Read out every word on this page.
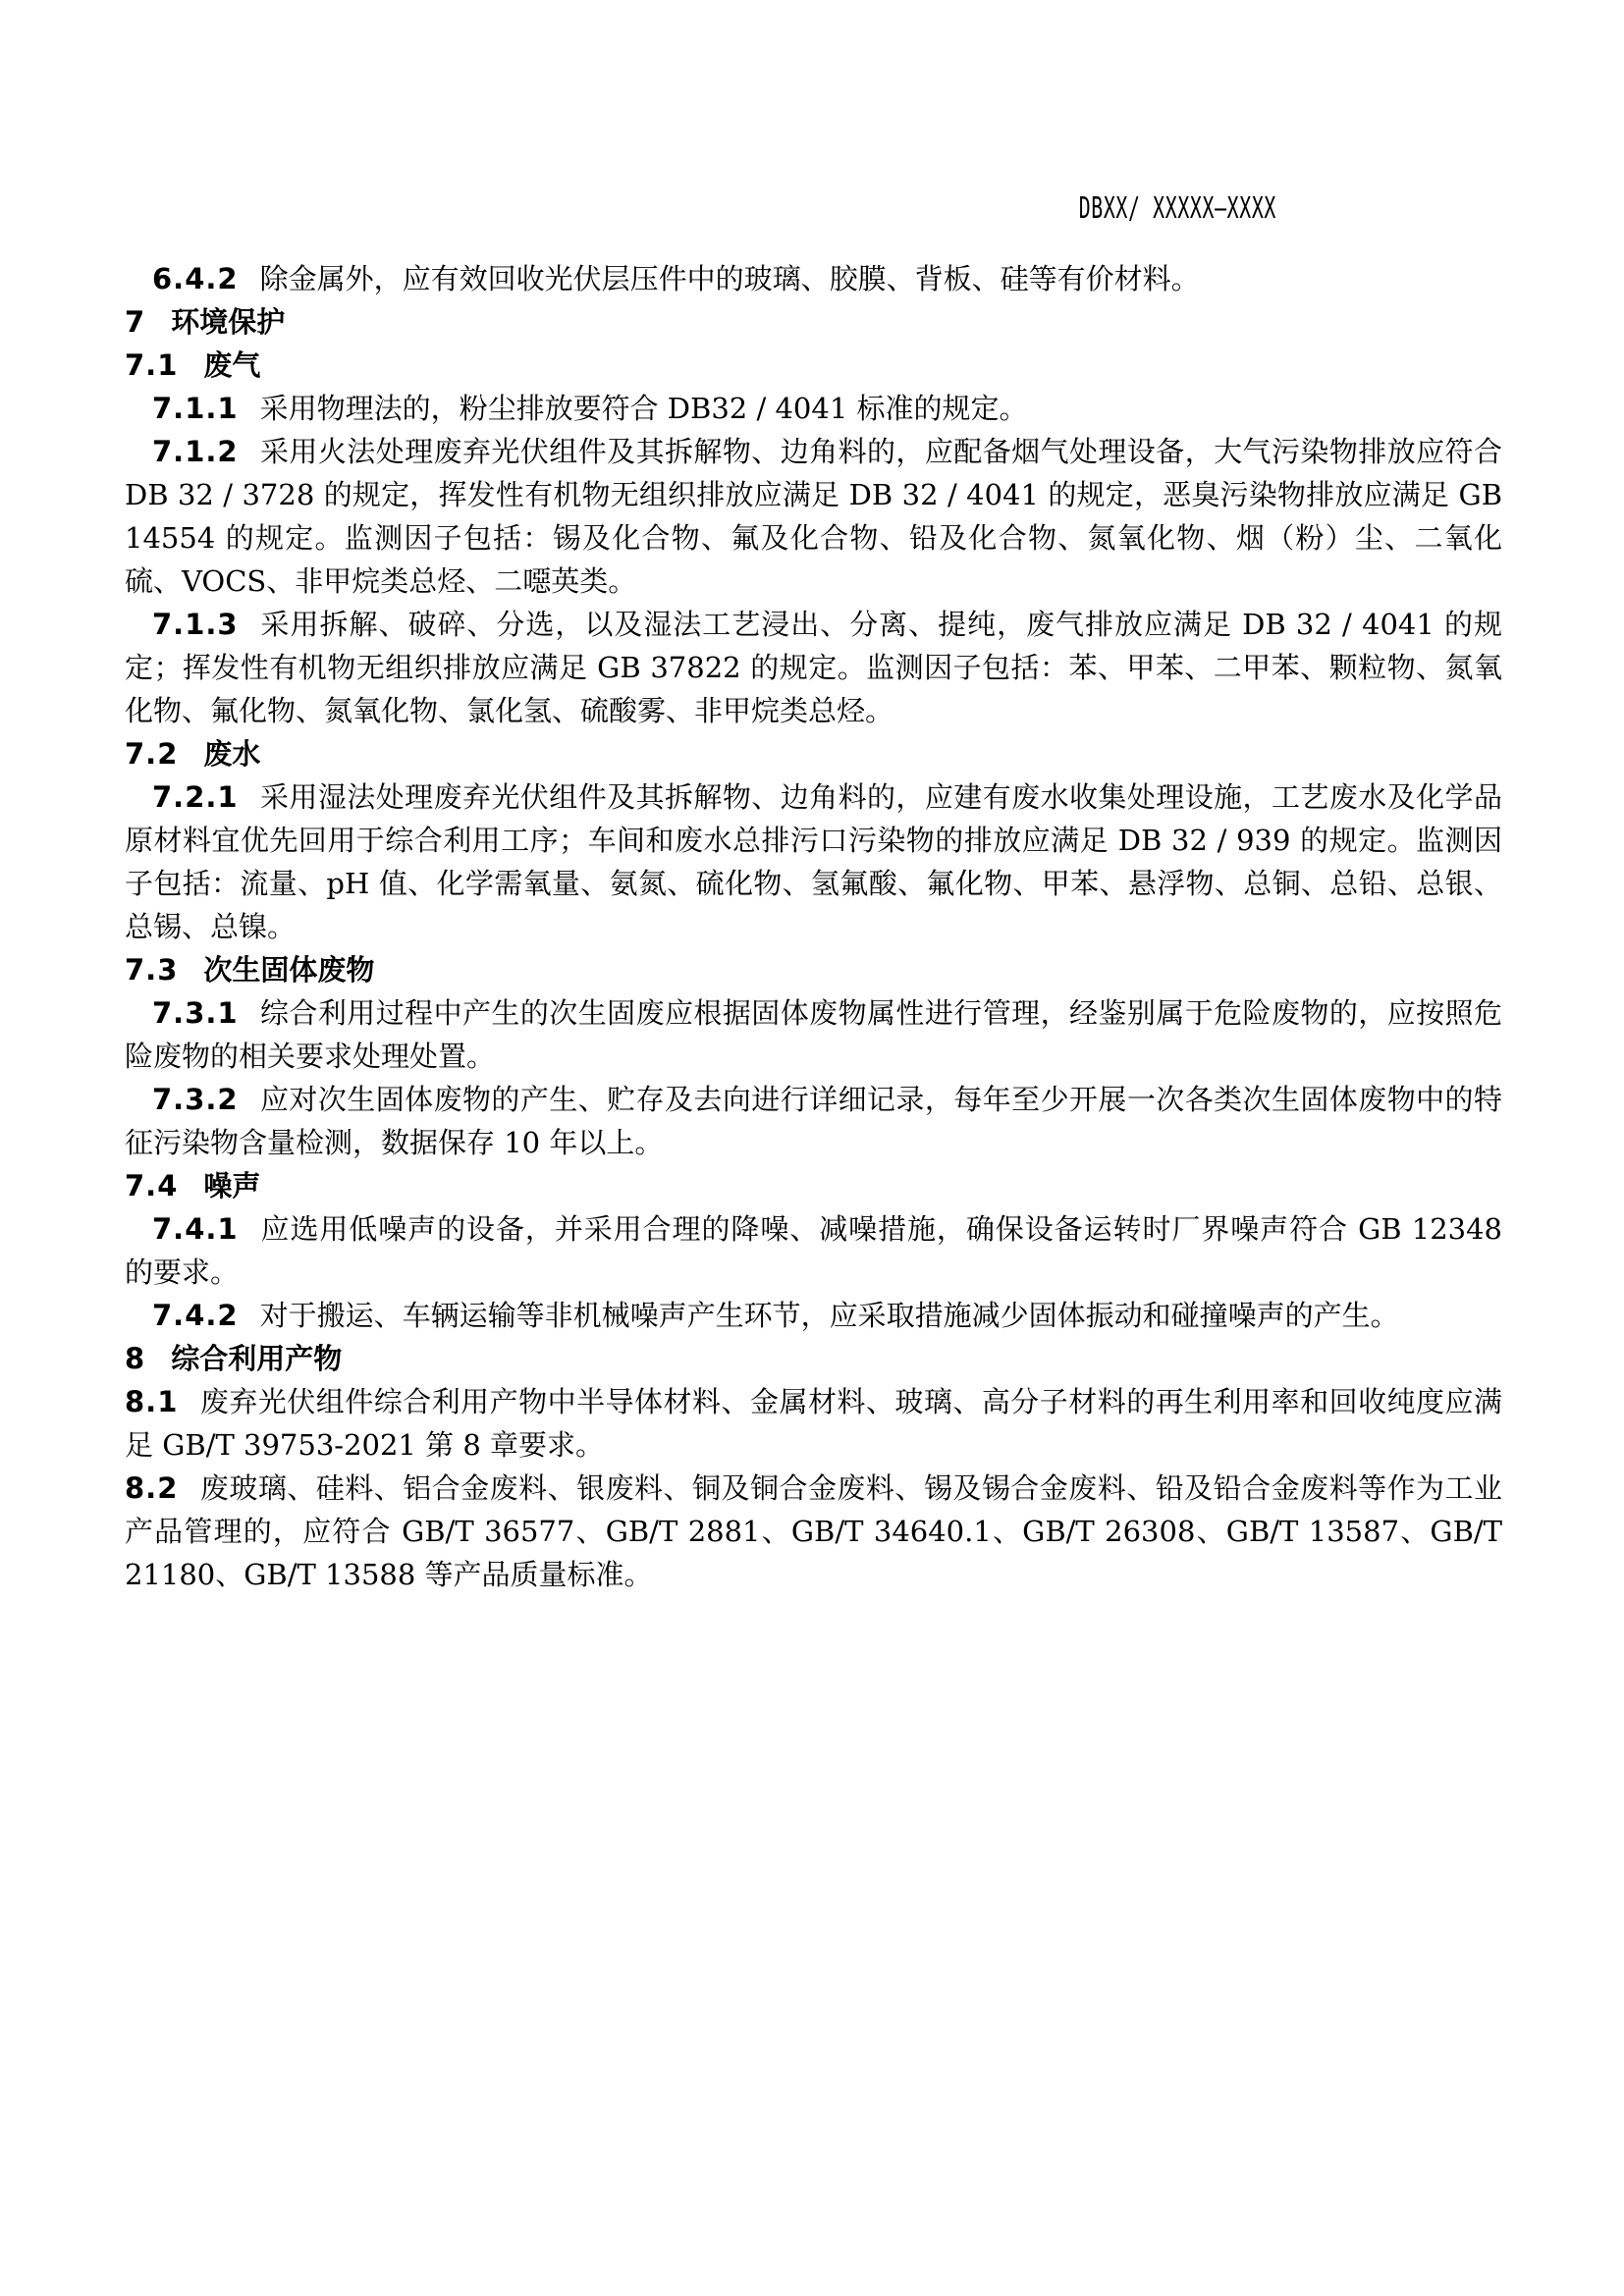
DBXX/ XXXXX—XXXX

6.4.2 除金属外，应有效回收光伏层压件中的玻璃、胶膜、背板、硅等有价材料。

7 环境保护
7.1 废气

7.1.1 采用物理法的，粉尘排放要符合 DB32 / 4041 标准的规定。

7.1.2 采用火法处理废弃光伏组件及其拆解物、边角料的，应配备烟气处理设备，大气污染物排放应符合 DB 32 / 3728 的规定，挥发性有机物无组织排放应满足 DB 32 / 4041 的规定，恶臭污染物排放应满足 GB 14554 的规定。监测因子包括：锡及化合物、氟及化合物、铅及化合物、氮氧化物、烟（粉）尘、二氧化硫、VOCS、非甲烷类总烃、二噁英类。

7.1.3 采用拆解、破碎、分选，以及湿法工艺浸出、分离、提纯，废气排放应满足 DB 32 / 4041 的规定；挥发性有机物无组织排放应满足 GB 37822 的规定。监测因子包括：苯、甲苯、二甲苯、颗粒物、氮氧化物、氟化物、氮氧化物、氯化氢、硫酸雾、非甲烷类总烃。

7.2 废水

7.2.1 采用湿法处理废弃光伏组件及其拆解物、边角料的，应建有废水收集处理设施，工艺废水及化学品原材料宜优先回用于综合利用工序；车间和废水总排污口污染物的排放应满足 DB 32 / 939 的规定。监测因子包括：流量、pH 值、化学需氧量、氨氮、硫化物、氢氟酸、氟化物、甲苯、悬浮物、总铜、总铅、总银、总锡、总镍。

7.3 次生固体废物

7.3.1 综合利用过程中产生的次生固废应根据固体废物属性进行管理，经鉴别属于危险废物的，应按照危险废物的相关要求处理处置。

7.3.2 应对次生固体废物的产生、贮存及去向进行详细记录，每年至少开展一次各类次生固体废物中的特征污染物含量检测，数据保存 10 年以上。

7.4 噪声

7.4.1 应选用低噪声的设备，并采用合理的降噪、减噪措施，确保设备运转时厂界噪声符合 GB 12348 的要求。

7.4.2 对于搬运、车辆运输等非机械噪声产生环节，应采取措施减少固体振动和碰撞噪声的产生。

8 综合利用产物

8.1 废弃光伏组件综合利用产物中半导体材料、金属材料、玻璃、高分子材料的再生利用率和回收纯度应满足 GB/T 39753-2021 第 8 章要求。

8.2 废玻璃、硅料、铝合金废料、银废料、铜及铜合金废料、锡及锡合金废料、铅及铅合金废料等作为工业产品管理的，应符合 GB/T 36577、GB/T 2881、GB/T 34640.1、GB/T 26308、GB/T 13587、GB/T 21180、GB/T 13588 等产品质量标准。
